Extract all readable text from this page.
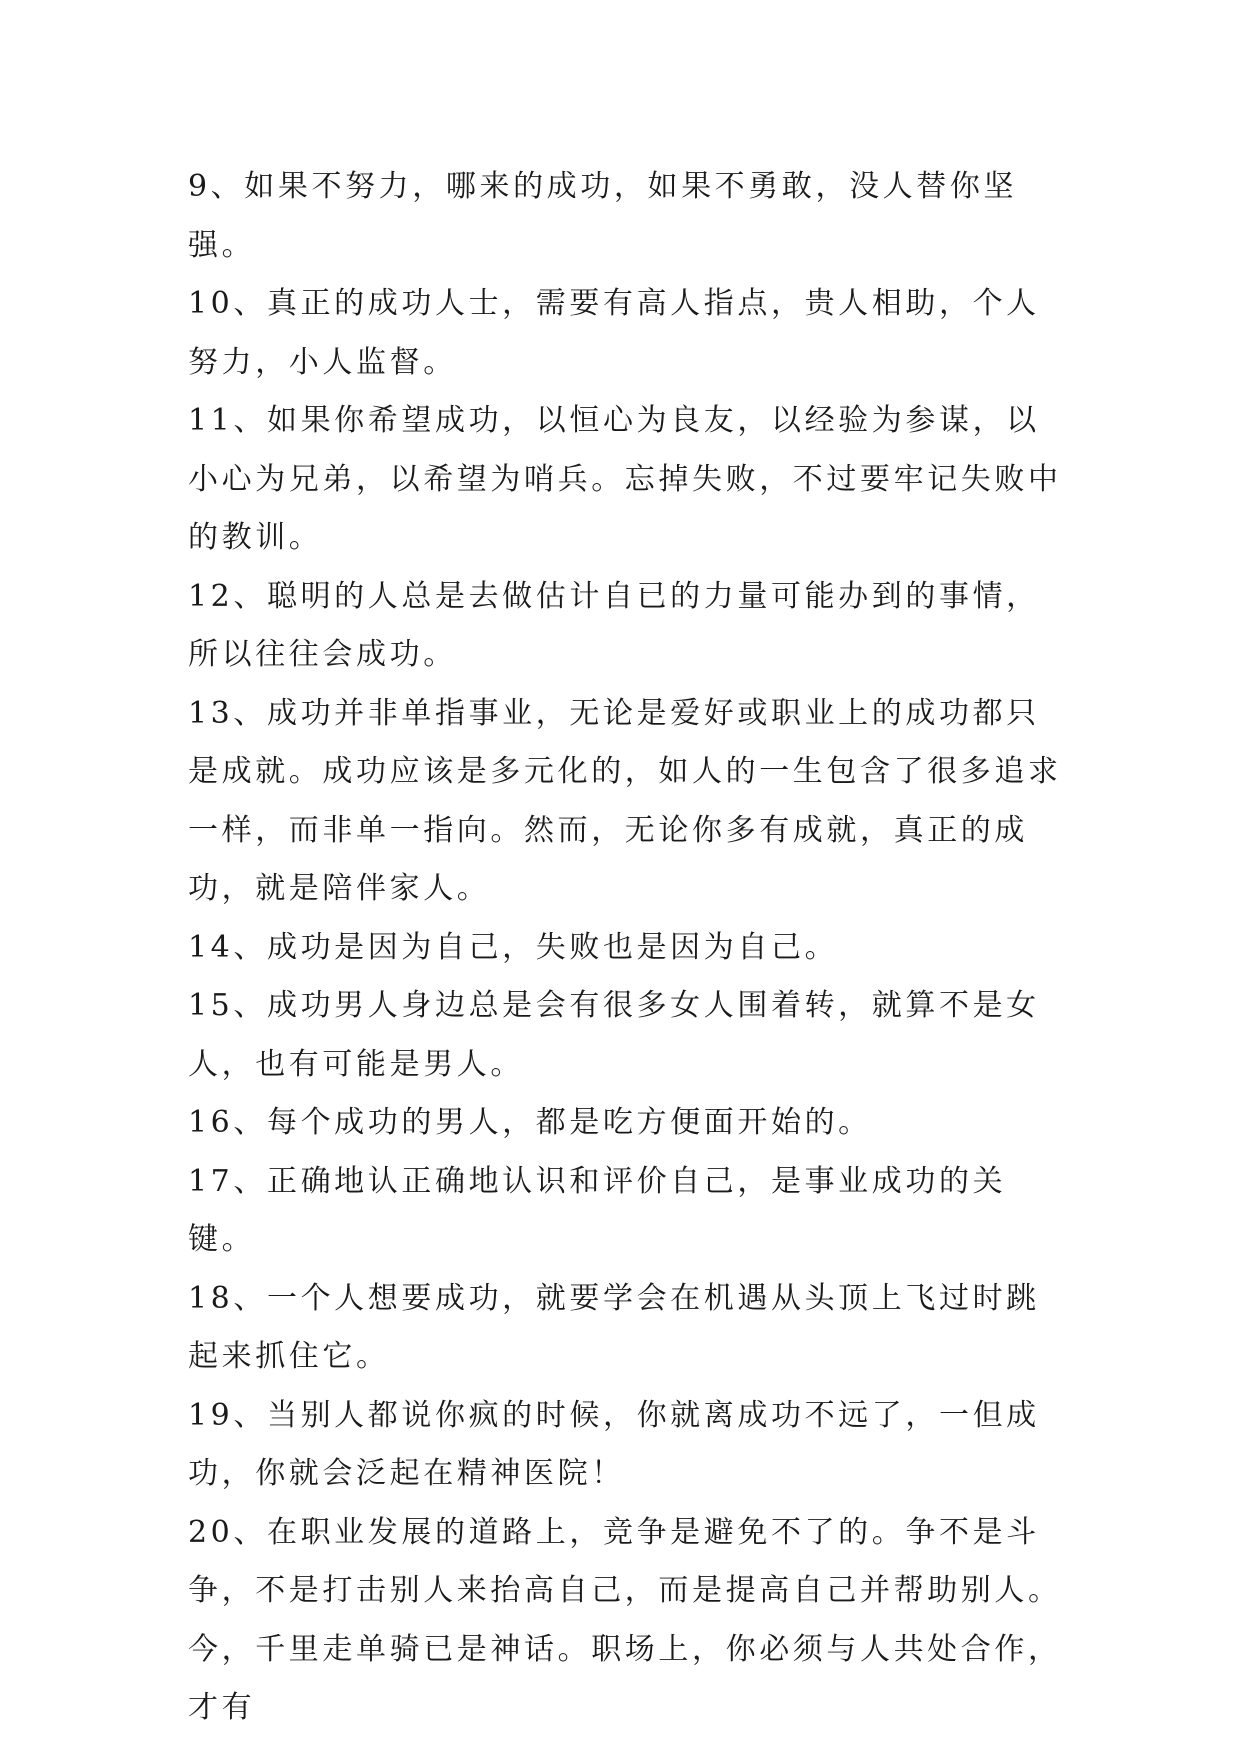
9、如果不努力，哪来的成功，如果不勇敢，没人替你坚强。

10、真正的成功人士，需要有高人指点，贵人相助，个人努力，小人监督。

11、如果你希望成功，以恒心为良友，以经验为参谋，以小心为兄弟，以希望为哨兵。忘掉失败，不过要牢记失败中的教训。

12、聪明的人总是去做估计自已的力量可能办到的事情，所以往往会成功。

13、成功并非单指事业，无论是爱好或职业上的成功都只是成就。成功应该是多元化的，如人的一生包含了很多追求一样，而非单一指向。然而，无论你多有成就，真正的成功，就是陪伴家人。

14、成功是因为自己，失败也是因为自己。

15、成功男人身边总是会有很多女人围着转，就算不是女人，也有可能是男人。

16、每个成功的男人，都是吃方便面开始的。

17、正确地认正确地认识和评价自己，是事业成功的关键。

18、一个人想要成功，就要学会在机遇从头顶上飞过时跳起来抓住它。

19、当别人都说你疯的时候，你就离成功不远了，一但成功，你就会泛起在精神医院！

20、在职业发展的道路上，竞争是避免不了的。争不是斗争，不是打击别人来抬高自己，而是提高自己并帮助别人。今，千里走单骑已是神话。职场上，你必须与人共处合作，才有
